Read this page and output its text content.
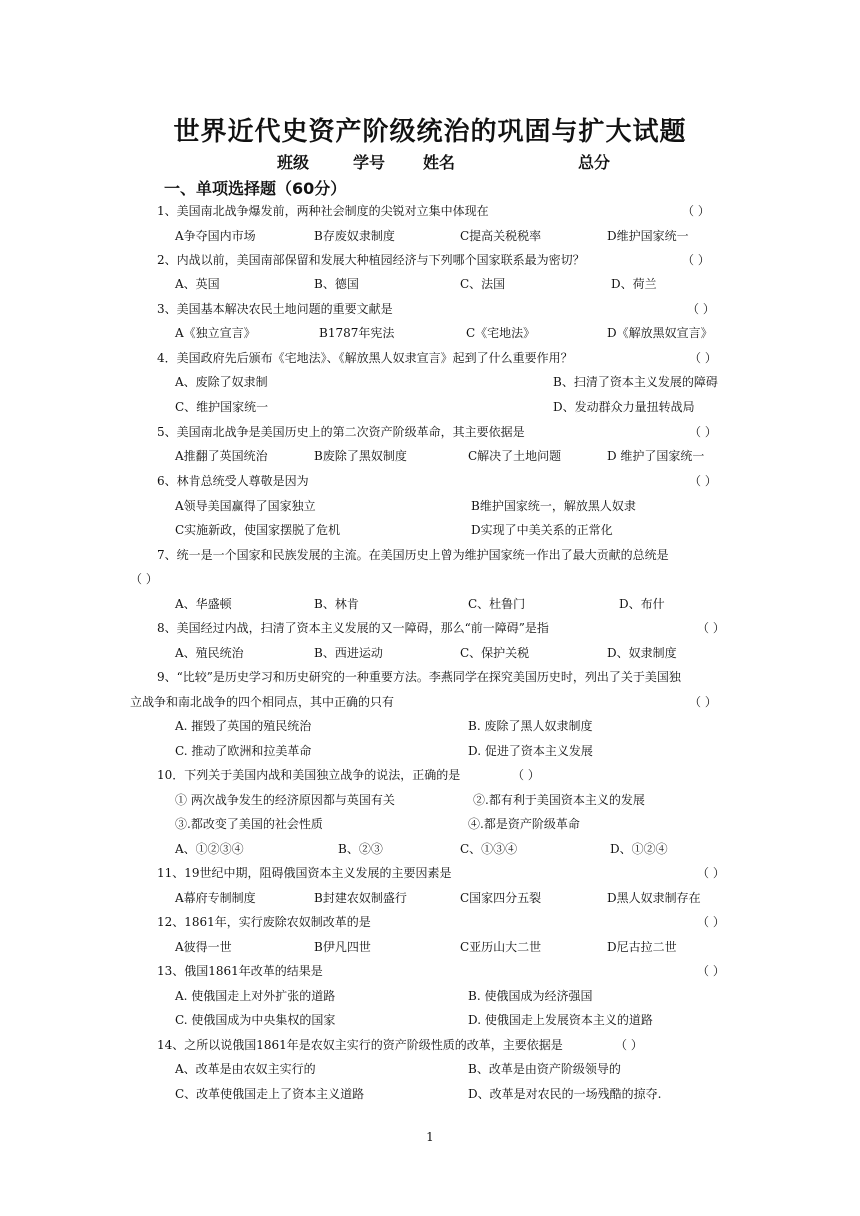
世界近代史资产阶级统治的巩固与扩大试题
班级	学号 姓名	总分
一、单项选择题（60分）
1、美国南北战争爆发前，两种社会制度的尖锐对立集中体现在	（ ）
A争夺国内市场	B存废奴隶制度	C提高关税税率	D维护国家统一
2、内战以前，美国南部保留和发展大种植园经济与下列哪个国家联系最为密切？	（ ）
A、英国	B、德国	C、法国	D、荷兰
3、美国基本解决农民土地问题的重要文献是	（ ）
A《独立宣言》	B1787年宪法	C《宅地法》	D《解放黑奴宣言》
4．美国政府先后颁布《宅地法》、《解放黑人奴隶宣言》起到了什么重要作用？	（ ）
A、废除了奴隶制	B、扫清了资本主义发展的障碍
C、维护国家统一	D、发动群众力量扭转战局
5、美国南北战争是美国历史上的第二次资产阶级革命，其主要依据是	（ ）
A推翻了英国统治	B废除了黑奴制度	C解决了土地问题	D 维护了国家统一
6、林肯总统受人尊敬是因为	（ ）
A领导美国赢得了国家独立	B维护国家统一，解放黑人奴隶
C实施新政，使国家摆脱了危机	D实现了中美关系的正常化
7、统一是一个国家和民族发展的主流。在美国历史上曾为维护国家统一作出了最大贡献的总统是
（ ）
A、华盛顿	B、林肯	C、杜鲁门	D、布什
8、美国经过内战，扫清了资本主义发展的又一障碍，那么“前一障碍”是指	（ ）
A、殖民统治	B、西进运动	C、保护关税	D、奴隶制度
9、“比较”是历史学习和历史研究的一种重要方法。李燕同学在探究美国历史时，列出了关于美国独
立战争和南北战争的四个相同点，其中正确的只有	（ ）
A. 摧毁了英国的殖民统治	B. 废除了黑人奴隶制度
C. 推动了欧洲和拉美革命	D. 促进了资本主义发展
10．下列关于美国内战和美国独立战争的说法，正确的是	（ ）
① 两次战争发生的经济原因都与英国有关	②.都有利于美国资本主义的发展
③.都改变了美国的社会性质	④.都是资产阶级革命
A、①②③④	B、②③	C、①③④	D、①②④
11、19世纪中期，阻碍俄国资本主义发展的主要因素是	（ ）
A幕府专制制度	B封建农奴制盛行	C国家四分五裂	D黑人奴隶制存在
12、1861年，实行废除农奴制改革的是	（ ）
A彼得一世	B伊凡四世	C亚历山大二世	D尼古拉二世
13、俄国1861年改革的结果是	（ ）
A. 使俄国走上对外扩张的道路	B. 使俄国成为经济强国
C. 使俄国成为中央集权的国家	D. 使俄国走上发展资本主义的道路
14、之所以说俄国1861年是农奴主实行的资产阶级性质的改革，主要依据是	（ ）
A、改革是由农奴主实行的	B、改革是由资产阶级领导的
C、改革使俄国走上了资本主义道路	D、改革是对农民的一场残酷的掠夺.
1
